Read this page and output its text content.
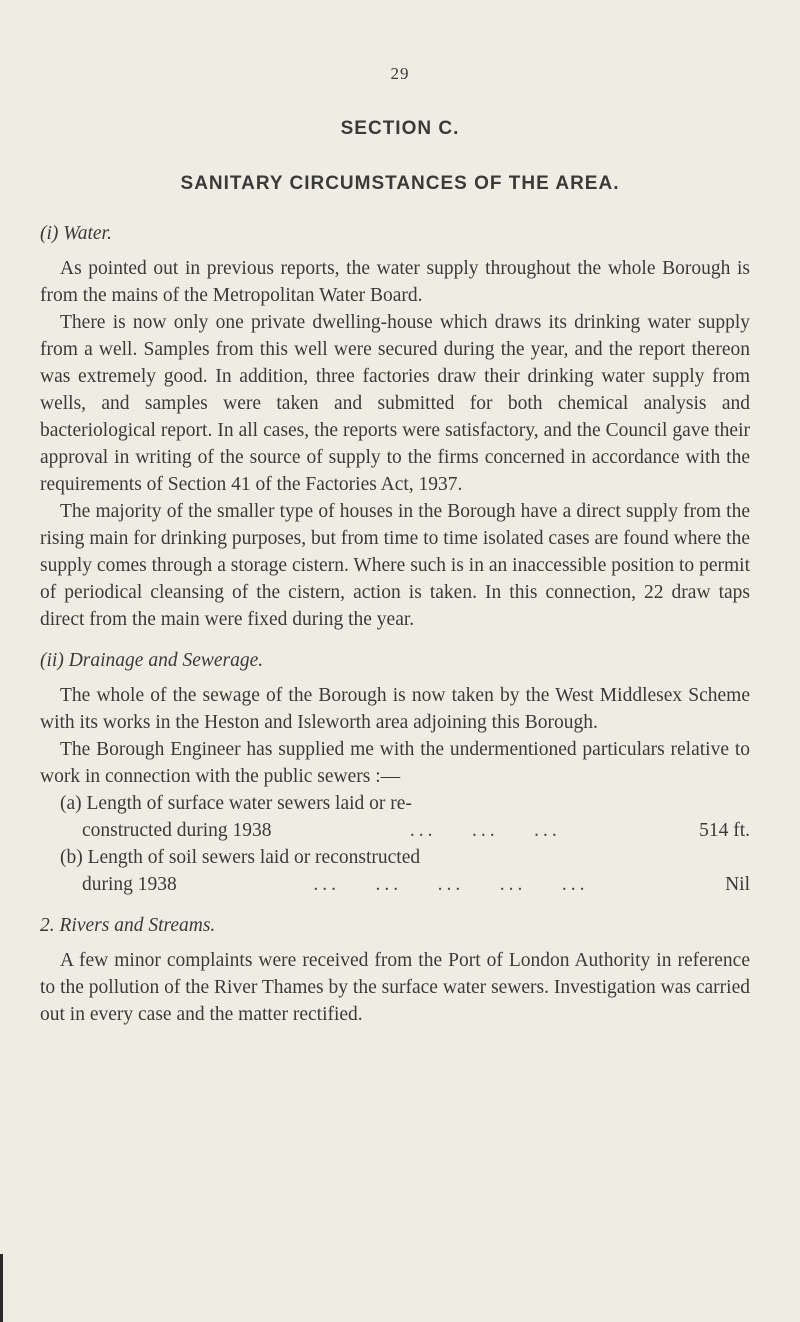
29
SECTION C.
SANITARY CIRCUMSTANCES OF THE AREA.

(i) Water.

As pointed out in previous reports, the water supply throughout the whole Borough is from the mains of the Metropolitan Water Board.

There is now only one private dwelling-house which draws its drinking water supply from a well. Samples from this well were secured during the year, and the report thereon was extremely good. In addition, three factories draw their drinking water supply from wells, and samples were taken and submitted for both chemical analysis and bacteriological report. In all cases, the reports were satisfactory, and the Council gave their approval in writing of the source of supply to the firms concerned in accordance with the requirements of Section 41 of the Factories Act, 1937.

The majority of the smaller type of houses in the Borough have a direct supply from the rising main for drinking purposes, but from time to time isolated cases are found where the supply comes through a storage cistern. Where such is in an inaccessible position to permit of periodical cleansing of the cistern, action is taken. In this connection, 22 draw taps direct from the main were fixed during the year.

(ii) Drainage and Sewerage.

The whole of the sewage of the Borough is now taken by the West Middlesex Scheme with its works in the Heston and Isleworth area adjoining this Borough.

The Borough Engineer has supplied me with the undermentioned particulars relative to work in connection with the public sewers :—

(a) Length of surface water sewers laid or re-
constructed during 1938	...    ...    ...	514 ft.
(b) Length of soil sewers laid or reconstructed
during 1938	...    ...    ...    ...    ...	Nil

2. Rivers and Streams.

A few minor complaints were received from the Port of London Authority in reference to the pollution of the River Thames by the surface water sewers. Investigation was carried out in every case and the matter rectified.
